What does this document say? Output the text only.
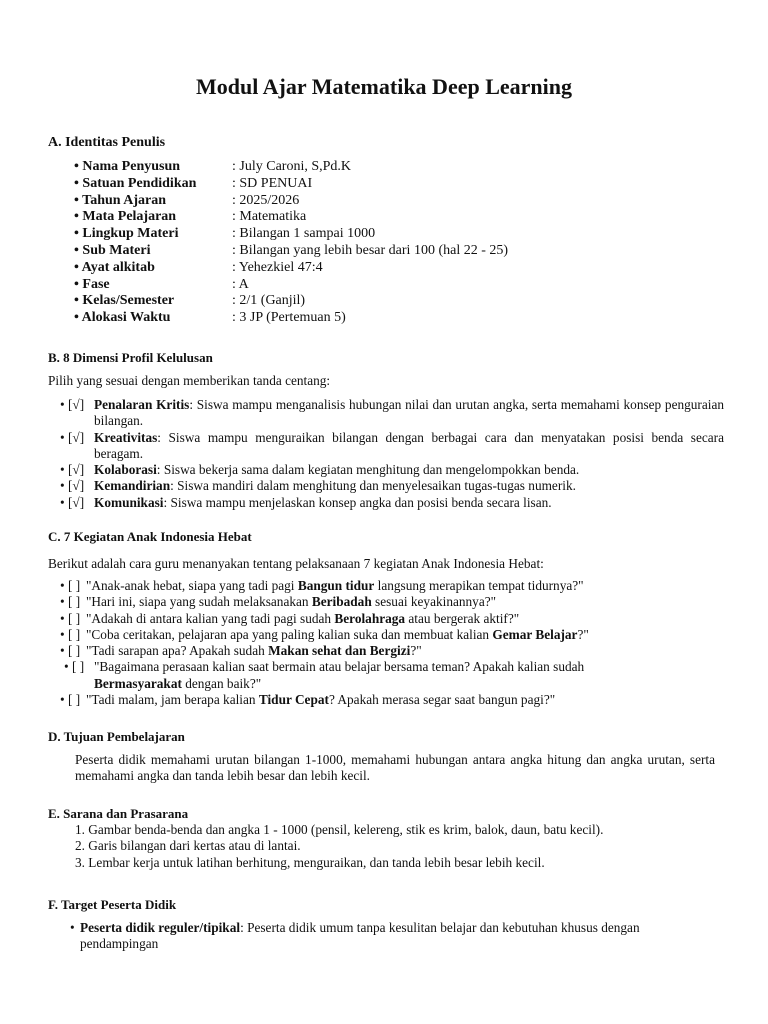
Modul Ajar Matematika Deep Learning
A. Identitas Penulis
• Nama Penyusun	: July Caroni, S,Pd.K
• Satuan Pendidikan	: SD PENUAI
• Tahun Ajaran	: 2025/2026
• Mata Pelajaran	: Matematika
• Lingkup Materi	: Bilangan 1 sampai 1000
• Sub Materi	: Bilangan yang lebih besar dari 100 (hal 22 - 25)
• Ayat alkitab	: Yehezkiel 47:4
• Fase	: A
• Kelas/Semester	: 2/1 (Ganjil)
• Alokasi Waktu	: 3 JP (Pertemuan 5)
B. 8 Dimensi Profil Kelulusan
Pilih yang sesuai dengan memberikan tanda centang:
• [√] Penalaran Kritis: Siswa mampu menganalisis hubungan nilai dan urutan angka, serta memahami konsep penguraian bilangan.
• [√] Kreativitas: Siswa mampu menguraikan bilangan dengan berbagai cara dan menyatakan posisi benda secara beragam.
• [√] Kolaborasi: Siswa bekerja sama dalam kegiatan menghitung dan mengelompokkan benda.
• [√] Kemandirian: Siswa mandiri dalam menghitung dan menyelesaikan tugas-tugas numerik.
• [√] Komunikasi: Siswa mampu menjelaskan konsep angka dan posisi benda secara lisan.
C. 7 Kegiatan Anak Indonesia Hebat
Berikut adalah cara guru menanyakan tentang pelaksanaan 7 kegiatan Anak Indonesia Hebat:
• [ ] "Anak-anak hebat, siapa yang tadi pagi Bangun tidur langsung merapikan tempat tidurnya?"
• [ ] "Hari ini, siapa yang sudah melaksanakan Beribadah sesuai keyakinannya?"
• [ ] "Adakah di antara kalian yang tadi pagi sudah Berolahraga atau bergerak aktif?"
• [ ] "Coba ceritakan, pelajaran apa yang paling kalian suka dan membuat kalian Gemar Belajar?"
• [ ] "Tadi sarapan apa? Apakah sudah Makan sehat dan Bergizi?"
• [ ] "Bagaimana perasaan kalian saat bermain atau belajar bersama teman? Apakah kalian sudah Bermasyarakat dengan baik?"
• [ ] "Tadi malam, jam berapa kalian Tidur Cepat? Apakah merasa segar saat bangun pagi?"
D. Tujuan Pembelajaran
Peserta didik memahami urutan bilangan 1-1000, memahami hubungan antara angka hitung dan angka urutan, serta memahami angka dan tanda lebih besar dan lebih kecil.
E. Sarana dan Prasarana
1. Gambar benda-benda dan angka 1 - 1000 (pensil, kelereng, stik es krim, balok, daun, batu kecil).
2. Garis bilangan dari kertas atau di lantai.
3. Lembar kerja untuk latihan berhitung, menguraikan, dan tanda lebih besar lebih kecil.
F. Target Peserta Didik
• Peserta didik reguler/tipikal: Peserta didik umum tanpa kesulitan belajar dan kebutuhan khusus dengan pendampingan
